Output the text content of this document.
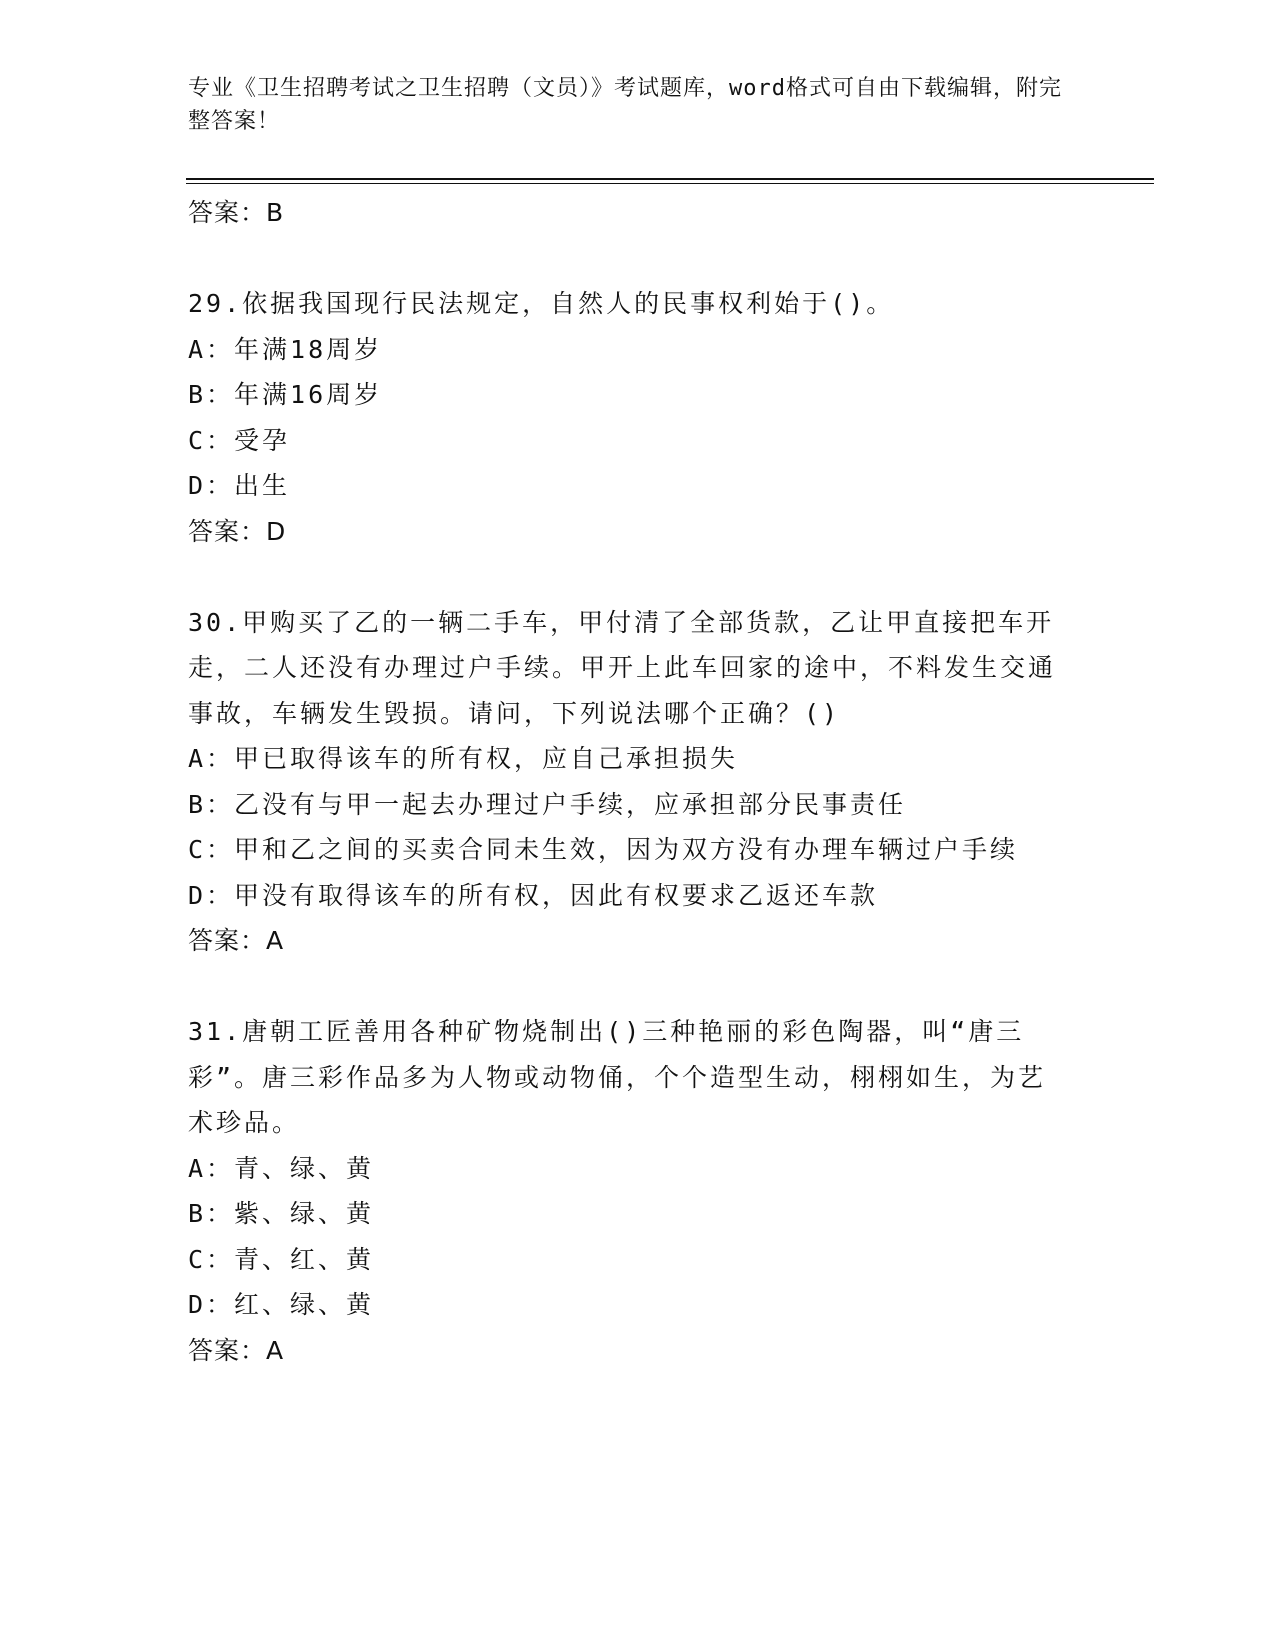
专业《卫生招聘考试之卫生招聘（文员）》考试题库，word格式可自由下载编辑，附完整答案！
答案：B
29.依据我国现行民法规定，自然人的民事权利始于()。
A：年满18周岁
B：年满16周岁
C：受孕
D：出生
答案：D
30.甲购买了乙的一辆二手车，甲付清了全部货款，乙让甲直接把车开走，二人还没有办理过户手续。甲开上此车回家的途中，不料发生交通事故，车辆发生毁损。请问，下列说法哪个正确？()
A：甲已取得该车的所有权，应自己承担损失
B：乙没有与甲一起去办理过户手续，应承担部分民事责任
C：甲和乙之间的买卖合同未生效，因为双方没有办理车辆过户手续
D：甲没有取得该车的所有权，因此有权要求乙返还车款
答案：A
31.唐朝工匠善用各种矿物烧制出()三种艳丽的彩色陶器，叫“唐三彩”。唐三彩作品多为人物或动物俑，个个造型生动，栩栩如生，为艺术珍品。
A：青、绿、黄
B：紫、绿、黄
C：青、红、黄
D：红、绿、黄
答案：A
